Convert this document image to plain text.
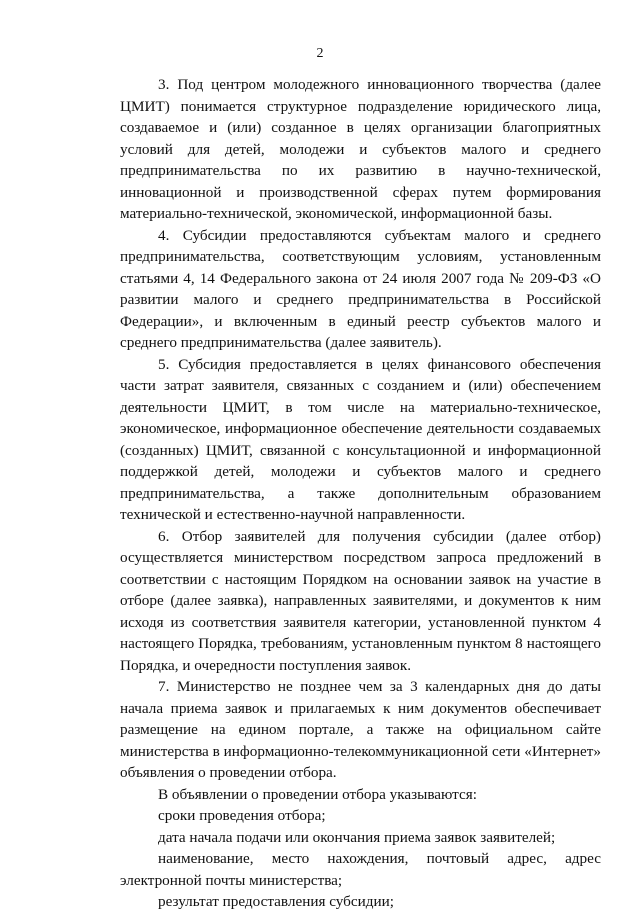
2

3. Под центром молодежного инновационного творчества (далее ЦМИТ) понимается структурное подразделение юридического лица, создаваемое и (или) созданное в целях организации благоприятных условий для детей, молодежи и субъектов малого и среднего предпринимательства по их развитию в научно-технической, инновационной и производственной сферах путем формирования материально-технической, экономической, информационной базы.

4. Субсидии предоставляются субъектам малого и среднего предпринимательства, соответствующим условиям, установленным статьями 4, 14 Федерального закона от 24 июля 2007 года № 209-ФЗ «О развитии малого и среднего предпринимательства в Российской Федерации», и включенным в единый реестр субъектов малого и среднего предпринимательства (далее заявитель).

5. Субсидия предоставляется в целях финансового обеспечения части затрат заявителя, связанных с созданием и (или) обеспечением деятельности ЦМИТ, в том числе на материально-техническое, экономическое, информационное обеспечение деятельности создаваемых (созданных) ЦМИТ, связанной с консультационной и информационной поддержкой детей, молодежи и субъектов малого и среднего предпринимательства, а также дополнительным образованием технической и естественно-научной направленности.

6. Отбор заявителей для получения субсидии (далее отбор) осуществляется министерством посредством запроса предложений в соответствии с настоящим Порядком на основании заявок на участие в отборе (далее заявка), направленных заявителями, и документов к ним исходя из соответствия заявителя категории, установленной пунктом 4 настоящего Порядка, требованиям, установленным пунктом 8 настоящего Порядка, и очередности поступления заявок.

7. Министерство не позднее чем за 3 календарных дня до даты начала приема заявок и прилагаемых к ним документов обеспечивает размещение на едином портале, а также на официальном сайте министерства в информационно-телекоммуникационной сети «Интернет» объявления о проведении отбора.

В объявлении о проведении отбора указываются:

сроки проведения отбора;

дата начала подачи или окончания приема заявок заявителей;

наименование, место нахождения, почтовый адрес, адрес электронной почты министерства;

результат предоставления субсидии;
